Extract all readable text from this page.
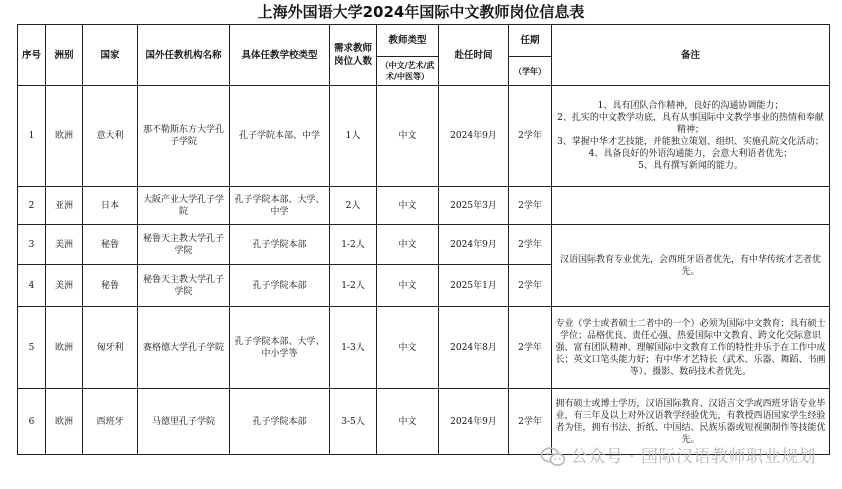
上海外国语大学2024年国际中文教师岗位信息表
序号	洲别	国家	国外任教机构名称	具体任教学校类型	需求教师岗位人数	教师类型	赴任时间	任期	备注
						（中文/艺术/武术/中医等）		（学年）	
1	欧洲	意大利	那不勒斯东方大学孔子学院	孔子学院本部、中学	1人	中文	2024年9月	2学年	1、具有团队合作精神，良好的沟通协调能力；
2、扎实的中文教学功底，具有从事国际中文教学事业的热情和奉献精神；
3、掌握中华才艺技能，并能独立策划、组织、实施孔院文化活动；
4、具备良好的外语沟通能力，会意大利语者优先；
5、具有撰写新闻的能力。

2	亚洲	日本	大阪产业大学孔子学院	孔子学院本部、大学、中学	2人	中文	2025年3月	2学年	
3	美洲	秘鲁	秘鲁天主教大学孔子学院	孔子学院本部	1-2人	中文	2024年9月	2学年	汉语国际教育专业优先，会西班牙语者优先，有中华传统才艺者优先。
4	美洲	秘鲁	秘鲁天主教大学孔子学院	孔子学院本部	1-2人	中文	2025年1月	2学年	
5	欧洲	匈牙利	赛格德大学孔子学院	孔子学院本部、大学、中小学等	1-3人	中文	2024年8月	2学年	专业（学士或者硕士二者中的一个）必须为国际中文教育；具有硕士学位；品格优良、责任心强、热爱国际中文教育、跨文化交际意识强、富有团队精神、理解国际中文教育工作的特性并乐于在工作中成长；英文口笔头能力好；有中华才艺特长（武术、乐器、舞蹈、书画等）、摄影、数码技术者优先。
6	欧洲	西班牙	马德里孔子学院	孔子学院本部	3-5人	中文	2024年9月	2学年	拥有硕士或博士学历，汉语国际教育、汉语言文学或西班牙语专业毕业，有三年及以上对外汉语教学经验优先，有教授西语国家学生经验者为佳，拥有书法、折纸、中国结、民族乐器或短视频制作等技能优先。
公众号 · 国际汉语教师职业规划
